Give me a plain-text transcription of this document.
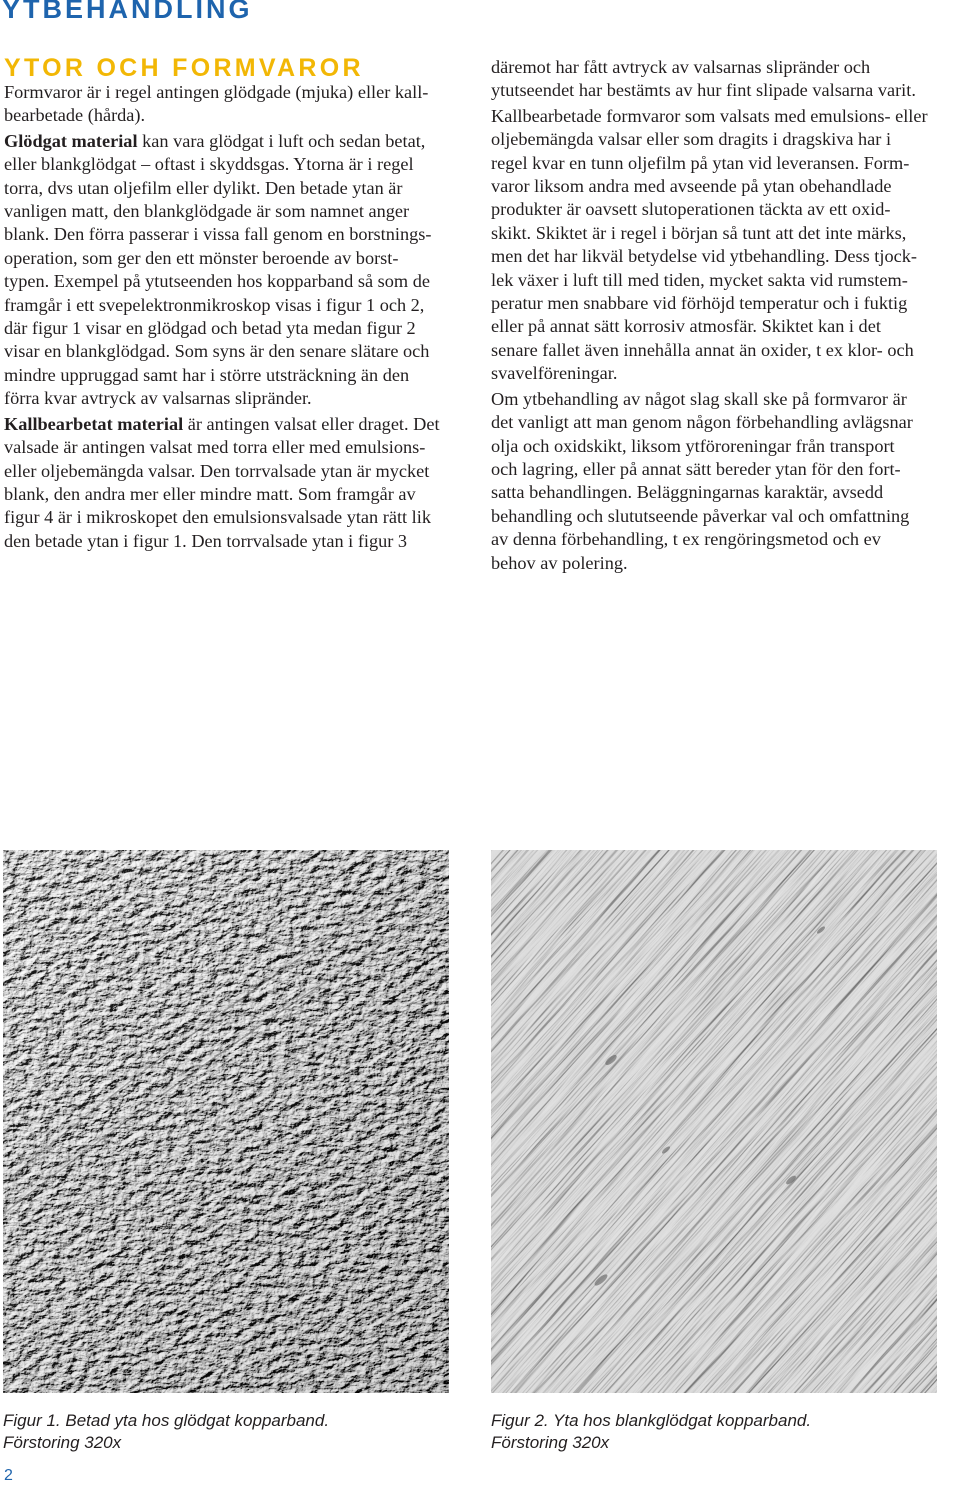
YTBEHANDLING
YTOR OCH FORMVAROR

Formvaror är i regel antingen glödgade (mjuka) eller kall-
bearbetade (hårda).

Glödgat material kan vara glödgat i luft och sedan betat,
eller blankglödgat – oftast i skyddsgas. Ytorna är i regel
torra, dvs utan oljefilm eller dylikt. Den betade ytan är
vanligen matt, den blankglödgade är som namnet anger
blank. Den förra passerar i vissa fall genom en borstnings-
operation, som ger den ett mönster beroende av borst-
typen. Exempel på ytutseenden hos kopparband så som de
framgår i ett svepelektronmikroskop visas i figur 1 och 2,
där figur 1 visar en glödgad och betad yta medan figur 2
visar en blankglödgad. Som syns är den senare slätare och
mindre uppruggad samt har i större utsträckning än den
förra kvar avtryck av valsarnas slipränder.

Kallbearbetat material är antingen valsat eller draget. Det
valsade är antingen valsat med torra eller med emulsions-
eller oljebemängda valsar. Den torrvalsade ytan är mycket
blank, den andra mer eller mindre matt. Som framgår av
figur 4 är i mikroskopet den emulsionsvalsade ytan rätt lik
den betade ytan i figur 1. Den torrvalsade ytan i figur 3

däremot har fått avtryck av valsarnas slipränder och
ytutseendet har bestämts av hur fint slipade valsarna varit.

Kallbearbetade formvaror som valsats med emulsions- eller
oljebemängda valsar eller som dragits i dragskiva har i
regel kvar en tunn oljefilm på ytan vid leveransen. Form-
varor liksom andra med avseende på ytan obehandlade
produkter är oavsett slutoperationen täckta av ett oxid-
skikt. Skiktet är i regel i början så tunt att det inte märks,
men det har likväl betydelse vid ytbehandling. Dess tjock-
lek växer i luft till med tiden, mycket sakta vid rumstem-
peratur men snabbare vid förhöjd temperatur och i fuktig
eller på annat sätt korrosiv atmosfär. Skiktet kan i det
senare fallet även innehålla annat än oxider, t ex klor- och
svavelföreningar.

Om ytbehandling av något slag skall ske på formvaror är
det vanligt att man genom någon förbehandling avlägsnar
olja och oxidskikt, liksom ytföroreningar från transport
och lagring, eller på annat sätt bereder ytan för den fort-
satta behandlingen. Beläggningarnas karaktär, avsedd
behandling och slututseende påverkar val och omfattning
av denna förbehandling, t ex rengöringsmetod och ev
behov av polering.

Figur 1. Betad yta hos glödgat kopparband.
Förstoring 320x
Figur 2. Yta hos blankglödgat kopparband.
Förstoring 320x
2
